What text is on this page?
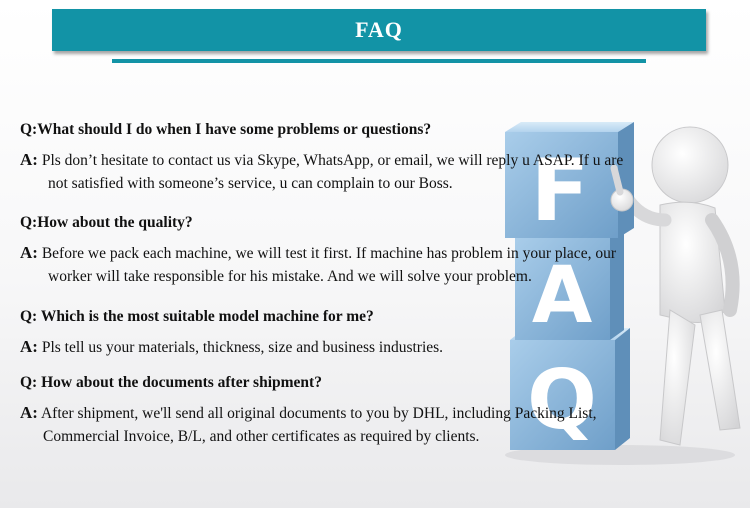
FAQ
Q
A
F
Q:What should I do when I have some problems or questions?
A: Pls don’t hesitate to contact us via Skype, WhatsApp, or email, we will reply u ASAP. If u are
not satisfied with someone’s service, u can complain to our Boss.
Q:How about the quality?
A: Before we pack each machine, we will test it first. If machine has problem in your place, our
worker will take responsible for his mistake. And we will solve your problem.
Q: Which is the most suitable model machine for me?
A: Pls tell us your materials, thickness, size and business industries.
Q: How about the documents after shipment?
A: After shipment, we'll send all original documents to you by DHL, including Packing List,
Commercial Invoice, B/L, and other certificates as required by clients.
